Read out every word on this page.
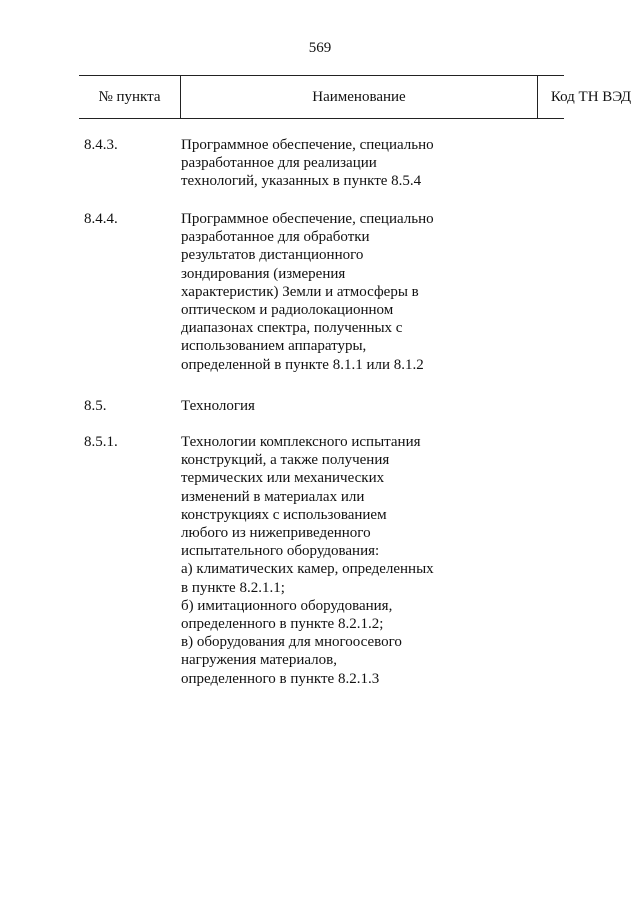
569
№ пункта	Наименование	Код ТН ВЭД
8.4.3.	Программное обеспечение, специально
разработанное для реализации
технологий, указанных в пункте 8.5.4
8.4.4.	Программное обеспечение, специально
разработанное для обработки
результатов дистанционного
зондирования (измерения
характеристик) Земли и атмосферы в
оптическом и радиолокационном
диапазонах спектра, полученных с
использованием аппаратуры,
определенной в пункте 8.1.1 или 8.1.2
8.5.	Технология
8.5.1.	Технологии комплексного испытания
конструкций, а также получения
термических или механических
изменений в материалах или
конструкциях с использованием
любого из нижеприведенного
испытательного оборудования:
а) климатических камер, определенных
в пункте 8.2.1.1;
б) имитационного оборудования,
определенного в пункте 8.2.1.2;
в) оборудования для многоосевого
нагружения материалов,
определенного в пункте 8.2.1.3
